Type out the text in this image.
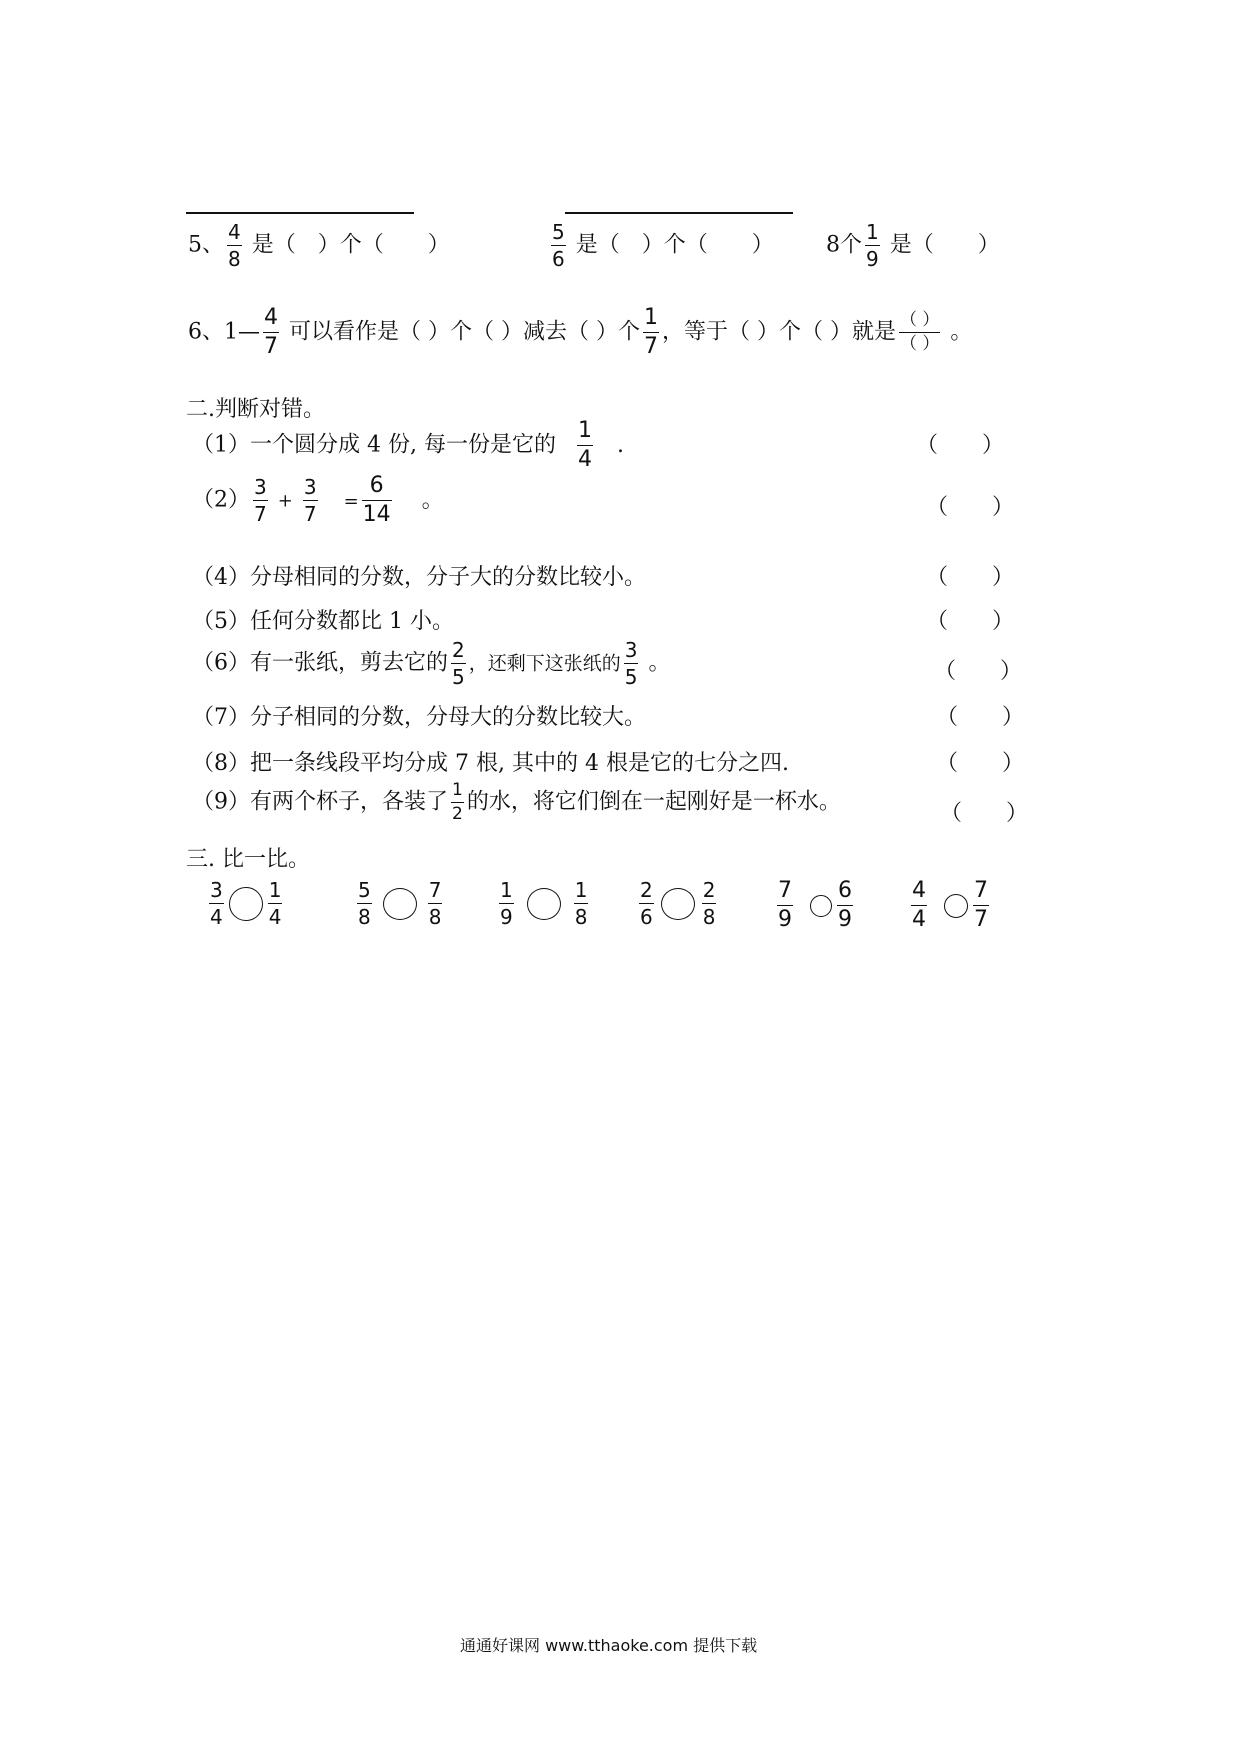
5、 $\frac{4}{8}$ 是（　）个（　　）	$\frac{5}{6}$ 是（　）个（　　） 8个 $\frac{1}{9}$ 是（　　）
6、1— $\frac{4}{7}$ 可以看作是（ ）个（ ）减去（ ）个 $\frac{1}{7}$ ，等于（ ）个（ ）就是 $\frac{( )}{( )}$ 。
二.判断对错。
（1）一个圆分成 4 份, 每一份是它的 $\frac{1}{4}$ .	（　　）
$(2) \frac{3}{7} + \frac{3}{7} = \frac{6}{14}$ 。	（　　）
（4）分母相同的分数，分子大的分数比较小。	（　　）
（5）任何分数都比 1 小。	（　　）
（6）有一张纸，剪去它的 $\frac{2}{5}$ ，还剩下这张纸的 $\frac{3}{5}$ 。	（　　）
（7）分子相同的分数，分母大的分数比较大。	（　　）
（8）把一条线段平均分成 7 根, 其中的 4 根是它的七分之四.	（　　）
（9）有两个杯子，各装了 $\frac{1}{2}$ 的水，将它们倒在一起刚好是一杯水。	（　　）
三. 比一比。
$\frac{3}{4} \frac{1}{4}$	$\frac{5}{8}$	$\frac{7}{8}$	$\frac{1}{9}$	$\frac{1}{8}$	$\frac{2}{6} \frac{2}{8}$	$\frac{7}{9} \frac{6}{9}$	$\frac{4}{4} \frac{7}{7}$
通通好课网 www.tthaoke.com 提供下载
